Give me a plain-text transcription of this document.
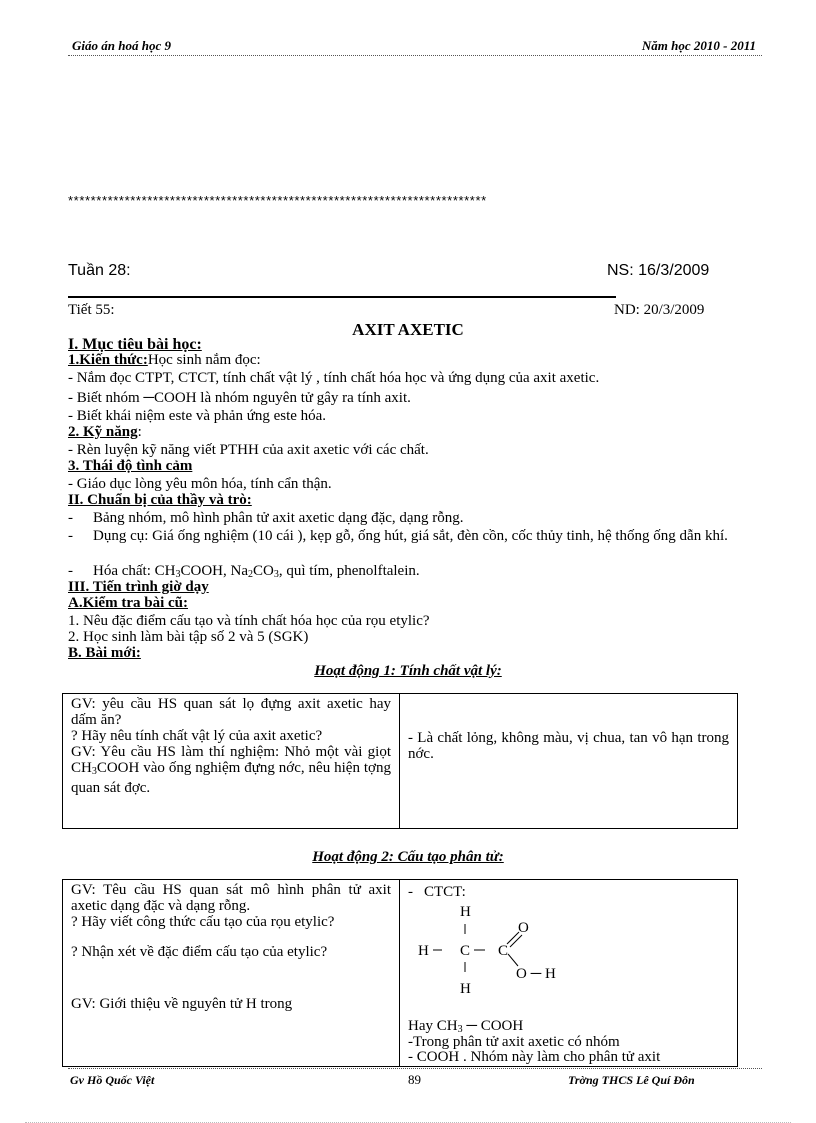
Giáo án hoá học 9	Năm học 2010 - 2011
**************************************************************************
Tuần 28:	NS: 16/3/2009
Tiết 55:	ND: 20/3/2009
AXIT AXETIC
I. Mục tiêu bài học:
1.Kiến thức:Học sinh nắm đọc:
- Nắm đọc CTPT, CTCT, tính chất vật lý , tính chất hóa học và ứng dụng của axit axetic.
- Biết nhóm ─COOH là nhóm nguyên tử gây ra tính axit.
- Biết khái niệm este và phản ứng este hóa.
2. Kỹ năng:
- Rèn luyện kỹ năng viết PTHH của axit axetic với các chất.
3. Thái độ tình cảm
- Giáo dục lòng yêu môn hóa, tính cẩn thận.
II. Chuẩn bị của thầy và trò:
- Bảng nhóm, mô hình phân tử axit axetic dạng đặc, dạng rỗng.
- Dụng cụ: Giá ống nghiệm (10 cái ), kẹp gỗ, ống hút, giá sắt, đèn cồn, cốc thủy tinh, hệ thống ống dẫn khí.
- Hóa chất: $CH_3COOH$, $Na_2CO_3$, quì tím, phenolftalein.
III. Tiến trình giờ dạy
A.Kiểm tra bài cũ:
1. Nêu đặc điểm cấu tạo và tính chất hóa học của rọu etylic?
2. Học sinh làm bài tập số 2 và 5 (SGK)
B. Bài mới:
Hoạt động 1: Tính chất vật lý:
GV: yêu cầu HS quan sát lọ đựng axit axetic hay dấm ăn?
? Hãy nêu tính chất vật lý của axit axetic?
GV: Yêu cầu HS làm thí nghiệm: Nhỏ một vài giọt $CH_3COOH$ vào ống nghiệm đựng nớc, nêu hiện tợng quan sát đợc.

- Là chất lỏng, không màu, vị chua, tan vô hạn trong nớc.
Hoạt động 2: Cấu tạo phân tử:
GV: Têu cầu HS quan sát mô hình phân tử axit axetic dạng đặc và dạng rỗng.
? Hãy viết công thức cấu tạo của rọu etylic?
? Nhận xét về đặc điểm cấu tạo của etylic?
GV: Giới thiệu về nguyên tử H trong

- CTCT:
H
H C C
O
O ─ H
H
Hay $CH_3$ ─ COOH
-Trong phân tử axit axetic có nhóm
- COOH . Nhóm này làm cho phân tử axit
Gv Hồ Quốc Việt	89	Trờng THCS Lê Quí Đôn
